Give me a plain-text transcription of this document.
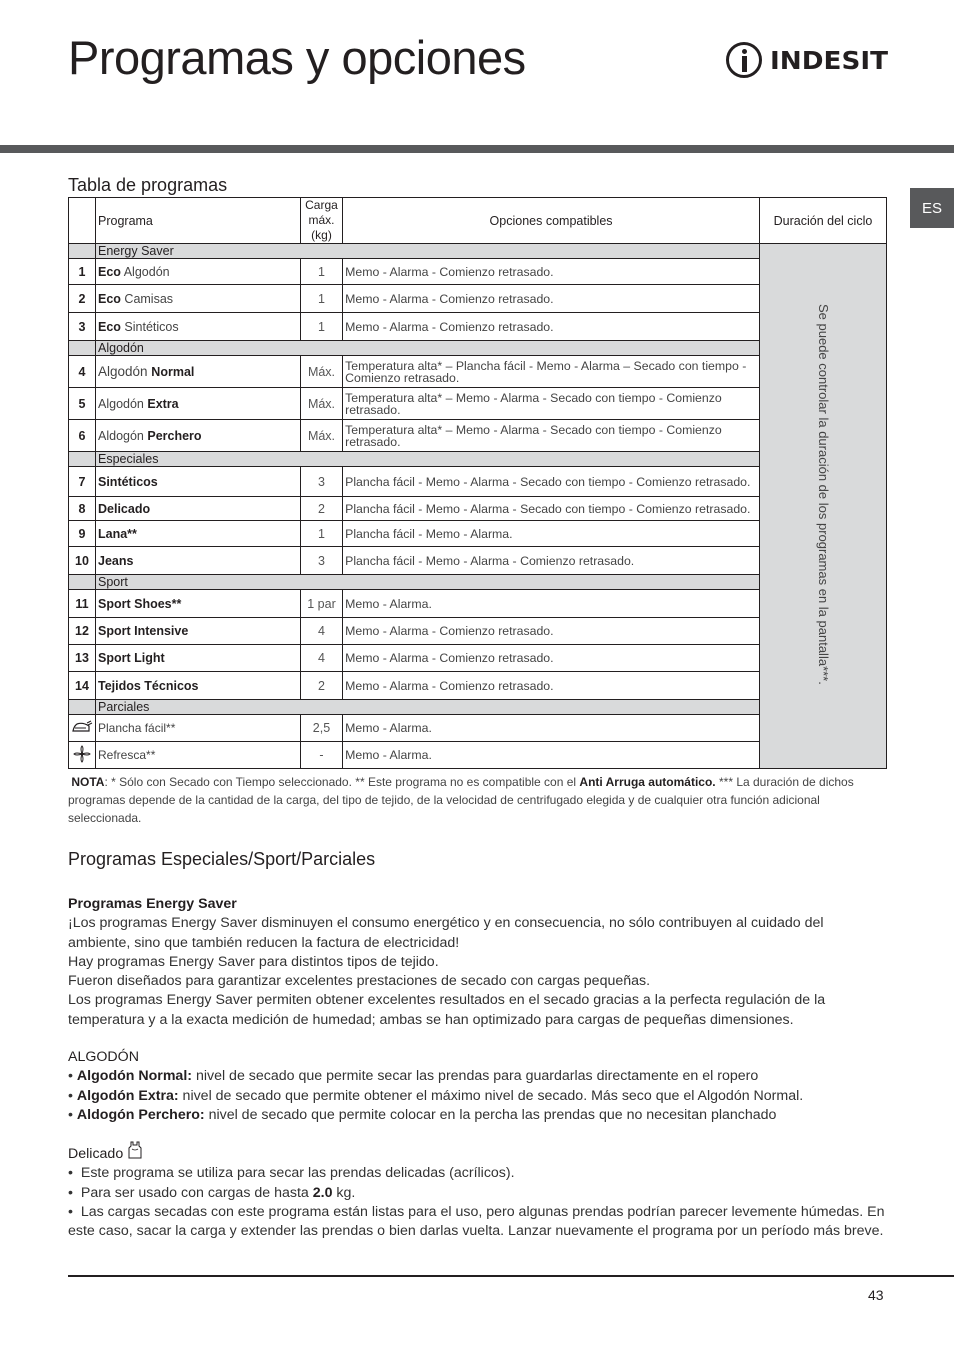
Programas y opciones	INDESIT
ES
Tabla de programas
	Programa	Carga máx. (kg)	Opciones compatibles	Duración del ciclo
	Energy Saver			Se puede controlar la duración de los programas en la pantalla***.

1	Eco Algodón	1	Memo - Alarma - Comienzo retrasado.	
2	Eco Camisas	1	Memo - Alarma - Comienzo retrasado.	
3	Eco Sintéticos	1	Memo - Alarma - Comienzo retrasado.	
	Algodón			
4	Algodón Normal	Máx.	Temperatura alta* – Plancha fácil - Memo - Alarma – Secado con tiempo - Comienzo retrasado.	
5	Algodón Extra	Máx.	Temperatura alta* – Memo - Alarma - Secado con tiempo - Comienzo retrasado.	
6	Aldogón Perchero	Máx.	Temperatura alta* – Memo - Alarma - Secado con tiempo - Comienzo retrasado.	
	Especiales			
7	Sintéticos	3	Plancha fácil - Memo - Alarma - Secado con tiempo - Comienzo retrasado.	
8	Delicado	2	Plancha fácil - Memo - Alarma - Secado con tiempo - Comienzo retrasado.	
9	Lana**	1	Plancha fácil - Memo - Alarma.	
10	Jeans	3	Plancha fácil - Memo - Alarma - Comienzo retrasado.	
	Sport			
11	Sport Shoes**	1 par	Memo - Alarma.	
12	Sport Intensive	4	Memo - Alarma - Comienzo retrasado.	
13	Sport Light	4	Memo - Alarma - Comienzo retrasado.	
14	Tejidos Técnicos	2	Memo - Alarma - Comienzo retrasado.	
	Parciales			
	Plancha fácil**	2,5	Memo - Alarma.	
	Refresca**	-	Memo - Alarma.	
NOTA: * Sólo con Secado con Tiempo seleccionado. ** Este programa no es compatible con el Anti Arruga automático. *** La duración de dichos programas depende de la cantidad de la carga, del tipo de tejido, de la velocidad de centrifugado elegida y de cualquier otra función adicional seleccionada.
Programas Especiales/Sport/Parciales

Programas Energy Saver

¡Los programas Energy Saver disminuyen el consumo energético y en consecuencia, no sólo contribuyen al cuidado del ambiente, sino que también reducen la factura de electricidad!

Hay programas Energy Saver para distintos tipos de tejido.

Fueron diseñados para garantizar excelentes prestaciones de secado con cargas pequeñas.

Los programas Energy Saver permiten obtener excelentes resultados en el secado gracias a la perfecta regulación de la temperatura y a la exacta medición de humedad; ambas se han optimizado para cargas de pequeñas dimensiones.

ALGODÓN

• Algodón Normal: nivel de secado que permite secar las prendas para guardarlas directamente en el ropero

• Algodón Extra: nivel de secado que permite obtener el máximo nivel de secado. Más seco que el Algodón Normal.

• Aldogón Perchero: nivel de secado que permite colocar en la percha las prendas que no necesitan planchado

Delicado

•  Este programa se utiliza para secar las prendas delicadas (acrílicos).

•  Para ser usado con cargas de hasta 2.0 kg.

•  Las cargas secadas con este programa están listas para el uso, pero algunas prendas podrían parecer levemente húmedas. En este caso, sacar la carga y extender las prendas o bien darlas vuelta. Lanzar nuevamente el programa por un período más breve.

43
